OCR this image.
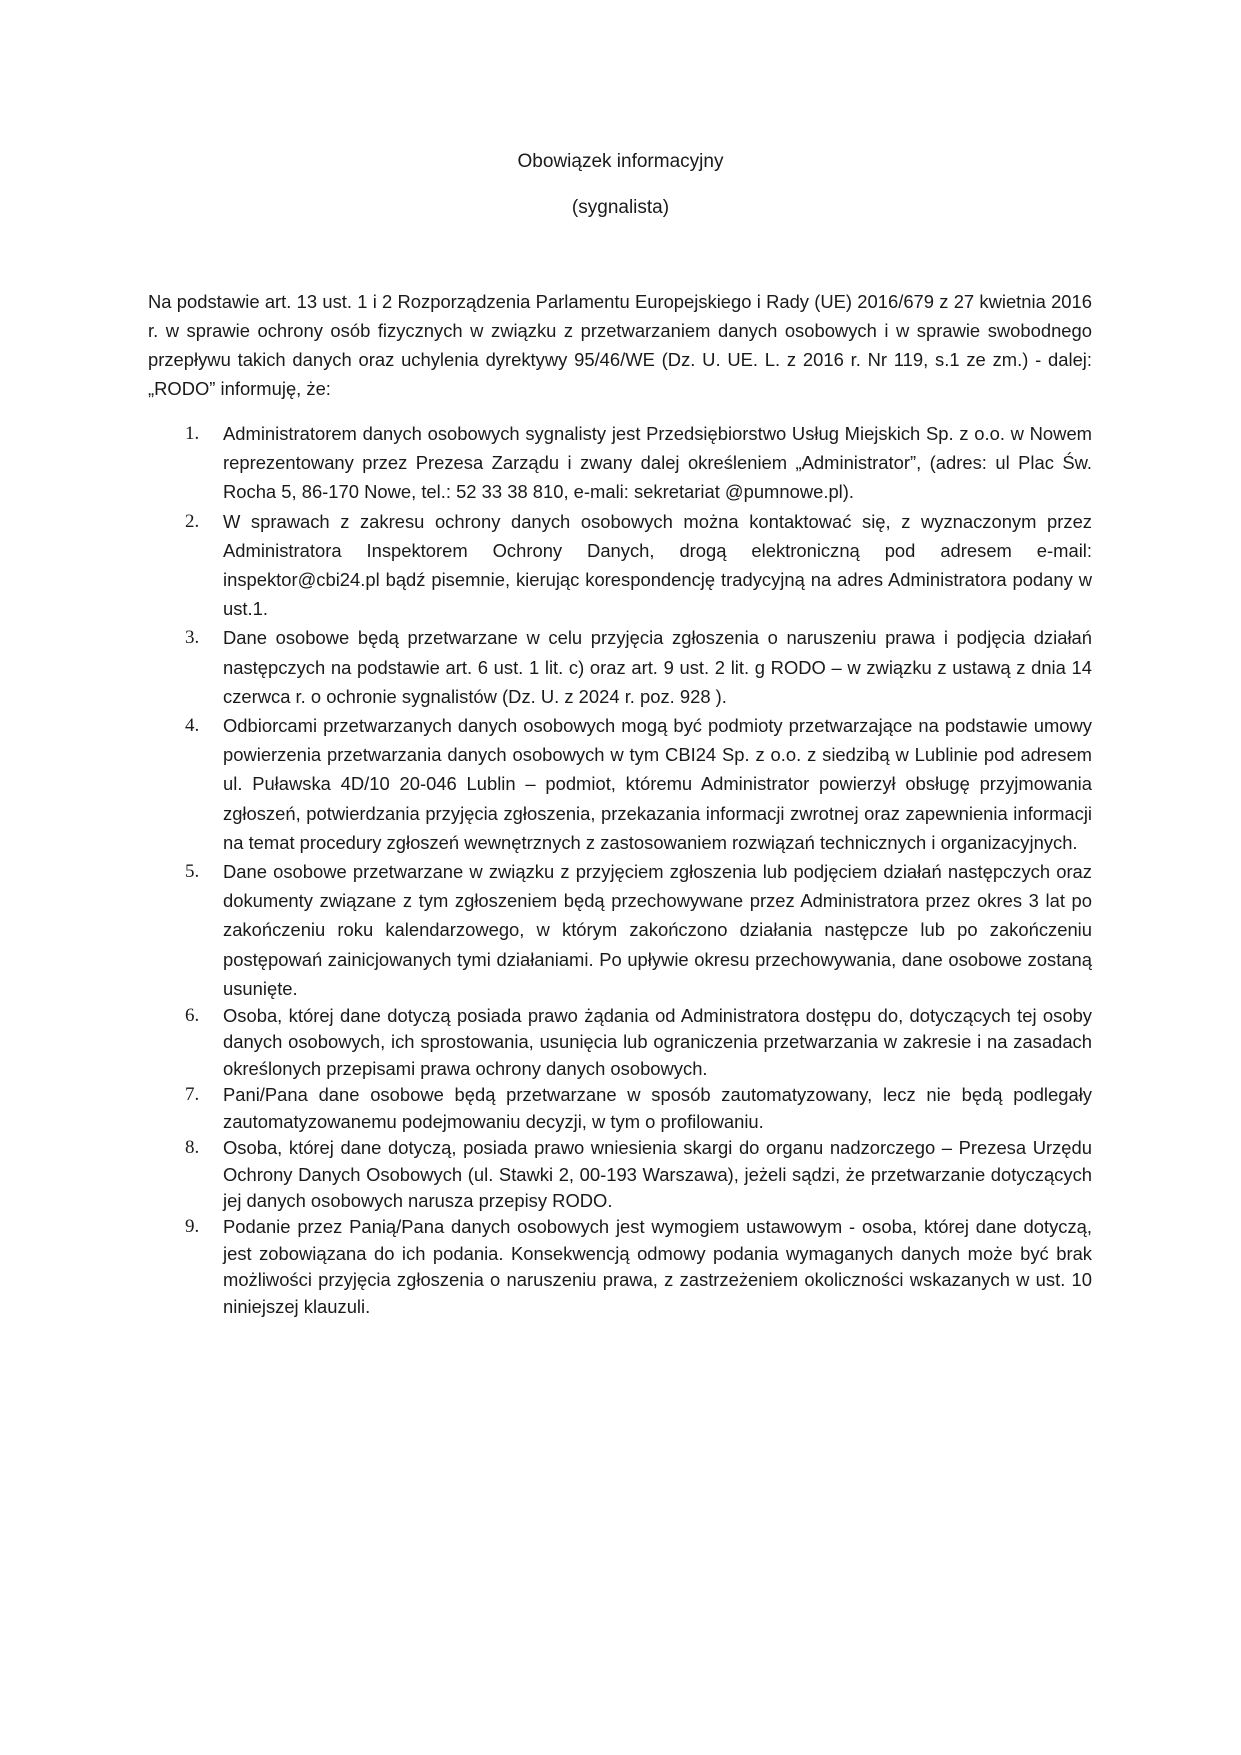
Obowiązek informacyjny
(sygnalista)

Na podstawie art. 13 ust. 1 i 2 Rozporządzenia Parlamentu Europejskiego i Rady (UE) 2016/679 z 27 kwietnia 2016 r. w sprawie ochrony osób fizycznych w związku z przetwarzaniem danych osobowych i w sprawie swobodnego przepływu takich danych oraz uchylenia dyrektywy 95/46/WE (Dz. U. UE. L. z 2016 r. Nr 119, s.1 ze zm.) - dalej: „RODO” informuję, że:

1. Administratorem danych osobowych sygnalisty jest Przedsiębiorstwo Usług Miejskich Sp. z o.o. w Nowem reprezentowany przez Prezesa Zarządu i zwany dalej określeniem „Administrator”, (adres: ul Plac Św. Rocha 5, 86-170 Nowe, tel.: 52 33 38 810, e-mali: sekretariat @pumnowe.pl).
2. W sprawach z zakresu ochrony danych osobowych można kontaktować się, z wyznaczonym przez Administratora Inspektorem Ochrony Danych, drogą elektroniczną pod adresem e-mail: inspektor@cbi24.pl bądź pisemnie, kierując korespondencję tradycyjną na adres Administratora podany w ust.1.
3. Dane osobowe będą przetwarzane w celu przyjęcia zgłoszenia o naruszeniu prawa i podjęcia działań następczych na podstawie art. 6 ust. 1 lit. c) oraz art. 9 ust. 2 lit. g RODO – w związku z ustawą z dnia 14 czerwca r. o ochronie sygnalistów (Dz. U. z 2024 r. poz. 928 ).
4. Odbiorcami przetwarzanych danych osobowych mogą być podmioty przetwarzające na podstawie umowy powierzenia przetwarzania danych osobowych w tym CBI24 Sp. z o.o. z siedzibą w Lublinie pod adresem ul. Puławska 4D/10 20-046 Lublin – podmiot, któremu Administrator powierzył obsługę przyjmowania zgłoszeń, potwierdzania przyjęcia zgłoszenia, przekazania informacji zwrotnej oraz zapewnienia informacji na temat procedury zgłoszeń wewnętrznych z zastosowaniem rozwiązań technicznych i organizacyjnych.
5. Dane osobowe przetwarzane w związku z przyjęciem zgłoszenia lub podjęciem działań następczych oraz dokumenty związane z tym zgłoszeniem będą przechowywane przez Administratora przez okres 3 lat po zakończeniu roku kalendarzowego, w którym zakończono działania następcze lub po zakończeniu postępowań zainicjowanych tymi działaniami. Po upływie okresu przechowywania, dane osobowe zostaną usunięte.
6. Osoba, której dane dotyczą posiada prawo żądania od Administratora dostępu do, dotyczących tej osoby danych osobowych, ich sprostowania, usunięcia lub ograniczenia przetwarzania w zakresie i na zasadach określonych przepisami prawa ochrony danych osobowych.
7. Pani/Pana dane osobowe będą przetwarzane w sposób zautomatyzowany, lecz nie będą podlegały zautomatyzowanemu podejmowaniu decyzji, w tym o profilowaniu.
8. Osoba, której dane dotyczą, posiada prawo wniesienia skargi do organu nadzorczego – Prezesa Urzędu Ochrony Danych Osobowych (ul. Stawki 2, 00-193 Warszawa), jeżeli sądzi, że przetwarzanie dotyczących jej danych osobowych narusza przepisy RODO.
9. Podanie przez Panią/Pana danych osobowych jest wymogiem ustawowym - osoba, której dane dotyczą, jest zobowiązana do ich podania. Konsekwencją odmowy podania wymaganych danych może być brak możliwości przyjęcia zgłoszenia o naruszeniu prawa, z zastrzeżeniem okoliczności wskazanych w ust. 10 niniejszej klauzuli.
